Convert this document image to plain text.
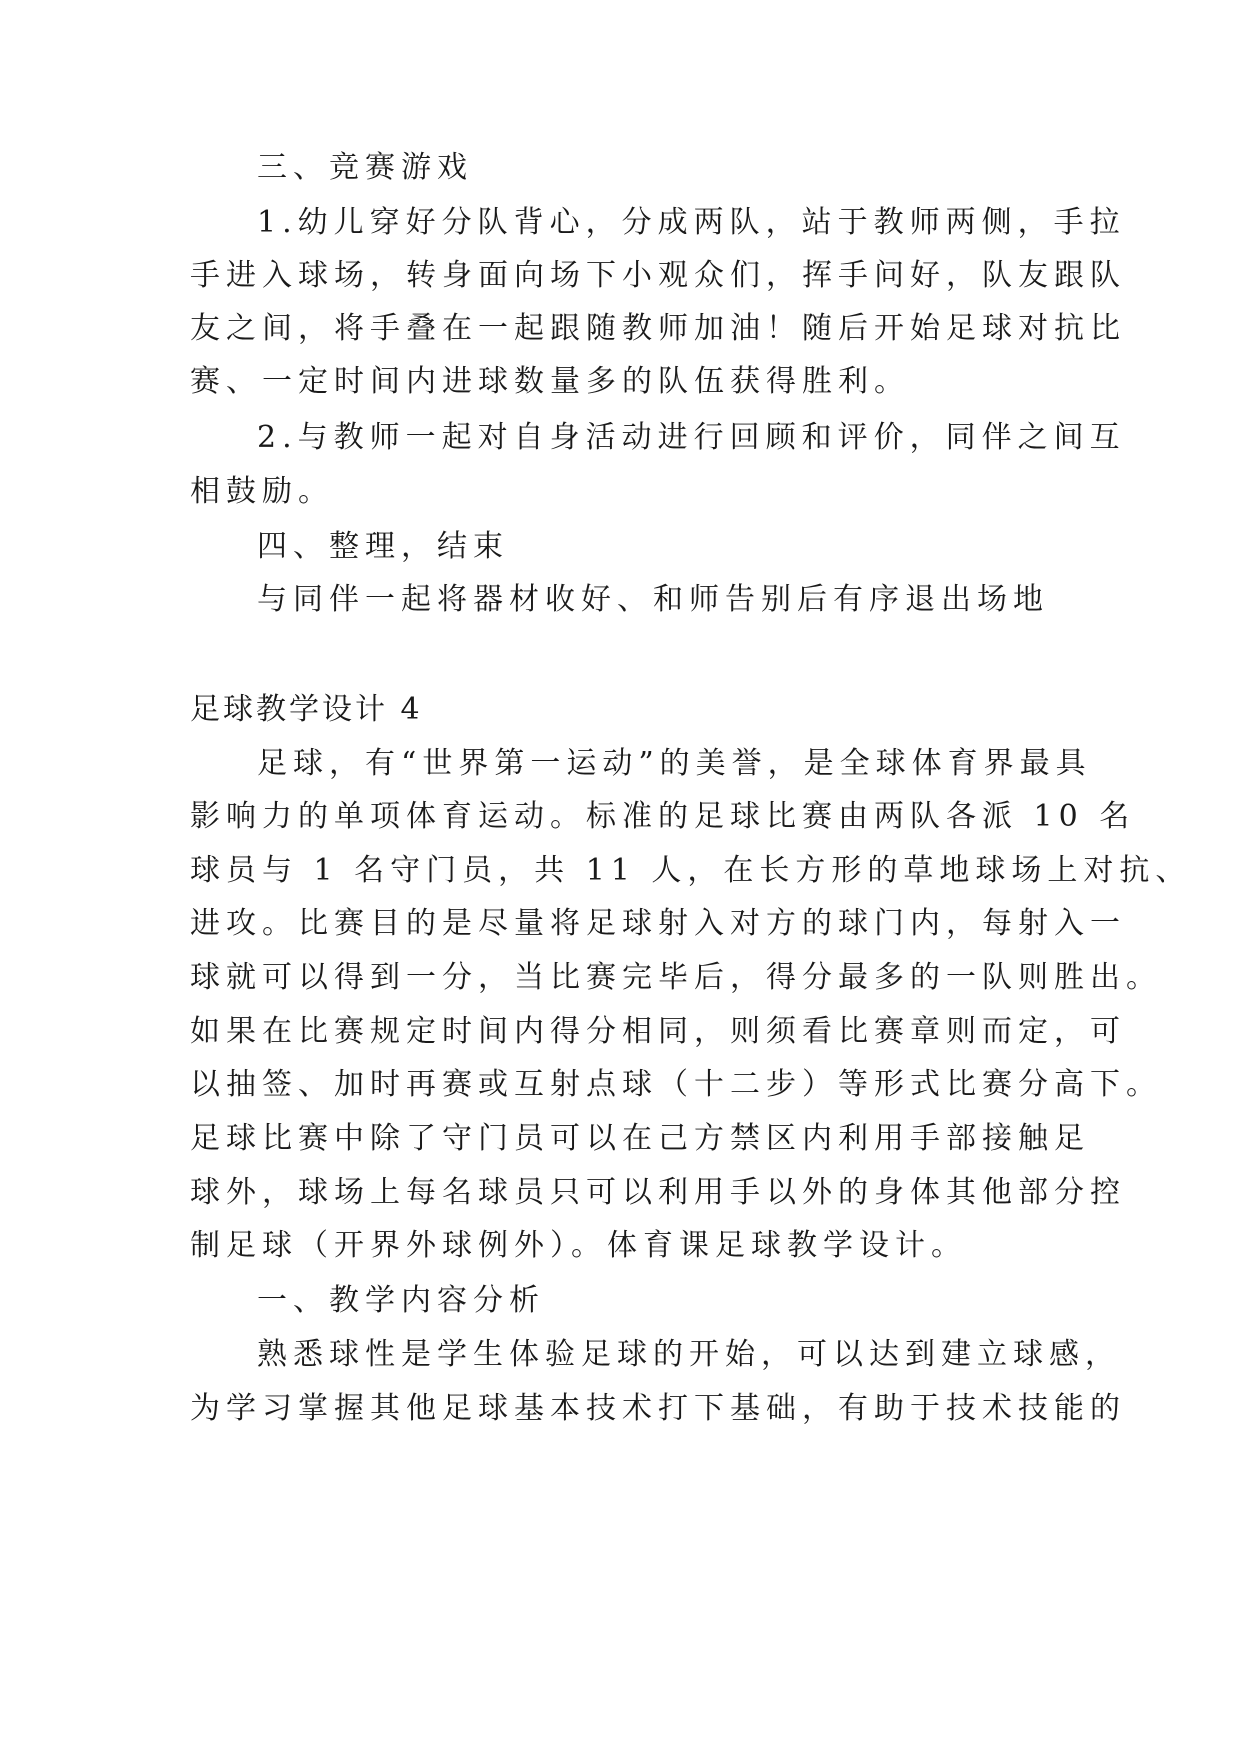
三、竞赛游戏
1.幼儿穿好分队背心，分成两队，站于教师两侧，手拉
手进入球场，转身面向场下小观众们，挥手问好，队友跟队
友之间，将手叠在一起跟随教师加油！随后开始足球对抗比
赛、一定时间内进球数量多的队伍获得胜利。
2.与教师一起对自身活动进行回顾和评价，同伴之间互
相鼓励。
四、整理，结束
与同伴一起将器材收好、和师告别后有序退出场地
足球教学设计 4
足球，有“世界第一运动”的美誉，是全球体育界最具
影响力的单项体育运动。标准的足球比赛由两队各派 10 名
球员与 1 名守门员，共 11 人，在长方形的草地球场上对抗、
进攻。比赛目的是尽量将足球射入对方的球门内，每射入一
球就可以得到一分，当比赛完毕后，得分最多的一队则胜出。
如果在比赛规定时间内得分相同，则须看比赛章则而定，可
以抽签、加时再赛或互射点球（十二步）等形式比赛分高下。
足球比赛中除了守门员可以在己方禁区内利用手部接触足
球外，球场上每名球员只可以利用手以外的身体其他部分控
制足球（开界外球例外）。体育课足球教学设计。
一、教学内容分析
熟悉球性是学生体验足球的开始，可以达到建立球感，
为学习掌握其他足球基本技术打下基础，有助于技术技能的
